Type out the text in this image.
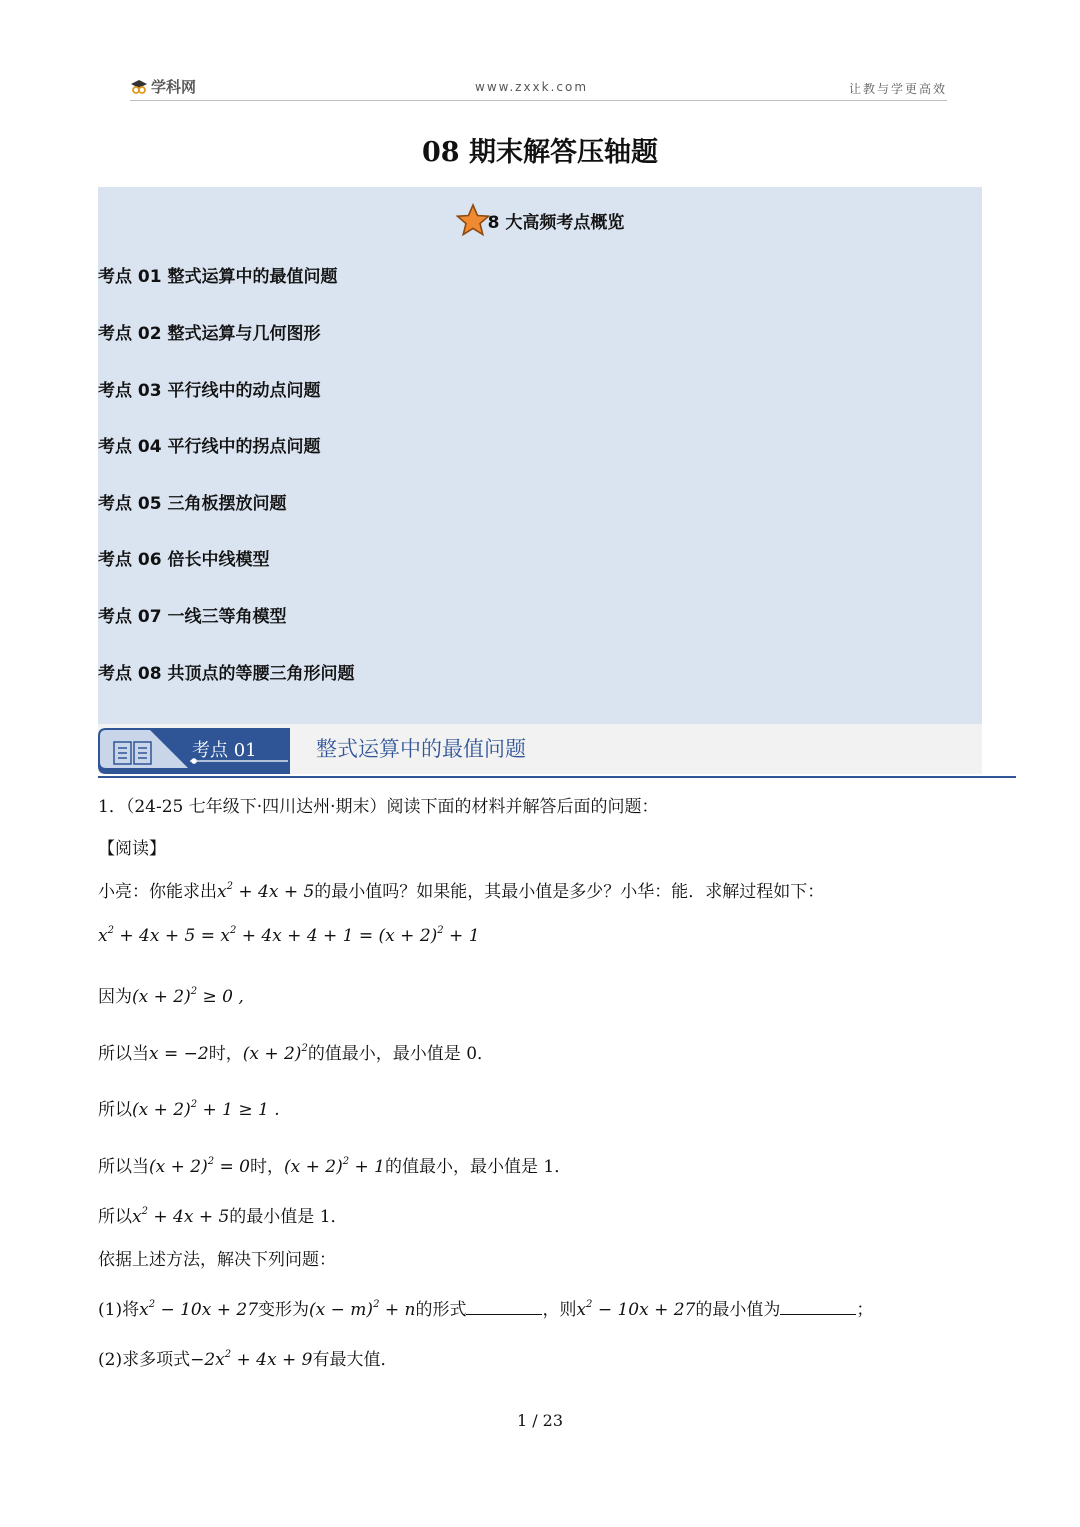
学科网	www.zxxk.com	让教与学更高效
08 期末解答压轴题
8 大高频考点概览
考点 01 整式运算中的最值问题
考点 02 整式运算与几何图形
考点 03 平行线中的动点问题
考点 04 平行线中的拐点问题
考点 05 三角板摆放问题
考点 06 倍长中线模型
考点 07 一线三等角模型
考点 08 共顶点的等腰三角形问题
考点 01	整式运算中的最值问题
1．（24-25 七年级下·四川达州·期末）阅读下面的材料并解答后面的问题：
【阅读】
小亮：你能求出$x^2 + 4x + 5$的最小值吗？如果能，其最小值是多少？小华：能．求解过程如下：
$x^2 + 4x + 5 = x^2 + 4x + 4 + 1 = (x + 2)^2 + 1$
因为$(x + 2)^2 \ge 0$ ,
所以当x = −2时，$(x + 2)^2$的值最小，最小值是 0．
所以$(x + 2)^2 + 1 \ge 1$ .
所以当$(x + 2)^2 = 0$时，$(x + 2)^2 + 1$的值最小，最小值是 1．
所以$x^2 + 4x + 5$的最小值是 1．
依据上述方法，解决下列问题：
(1)将$x^2 - 10x + 27$变形为$(x - m)^2 + n$的形式	，则$x^2 - 10x + 27$的最小值为	；
(2)求多项式$-2x^2 + 4x + 9$有最大值．
1 / 23
